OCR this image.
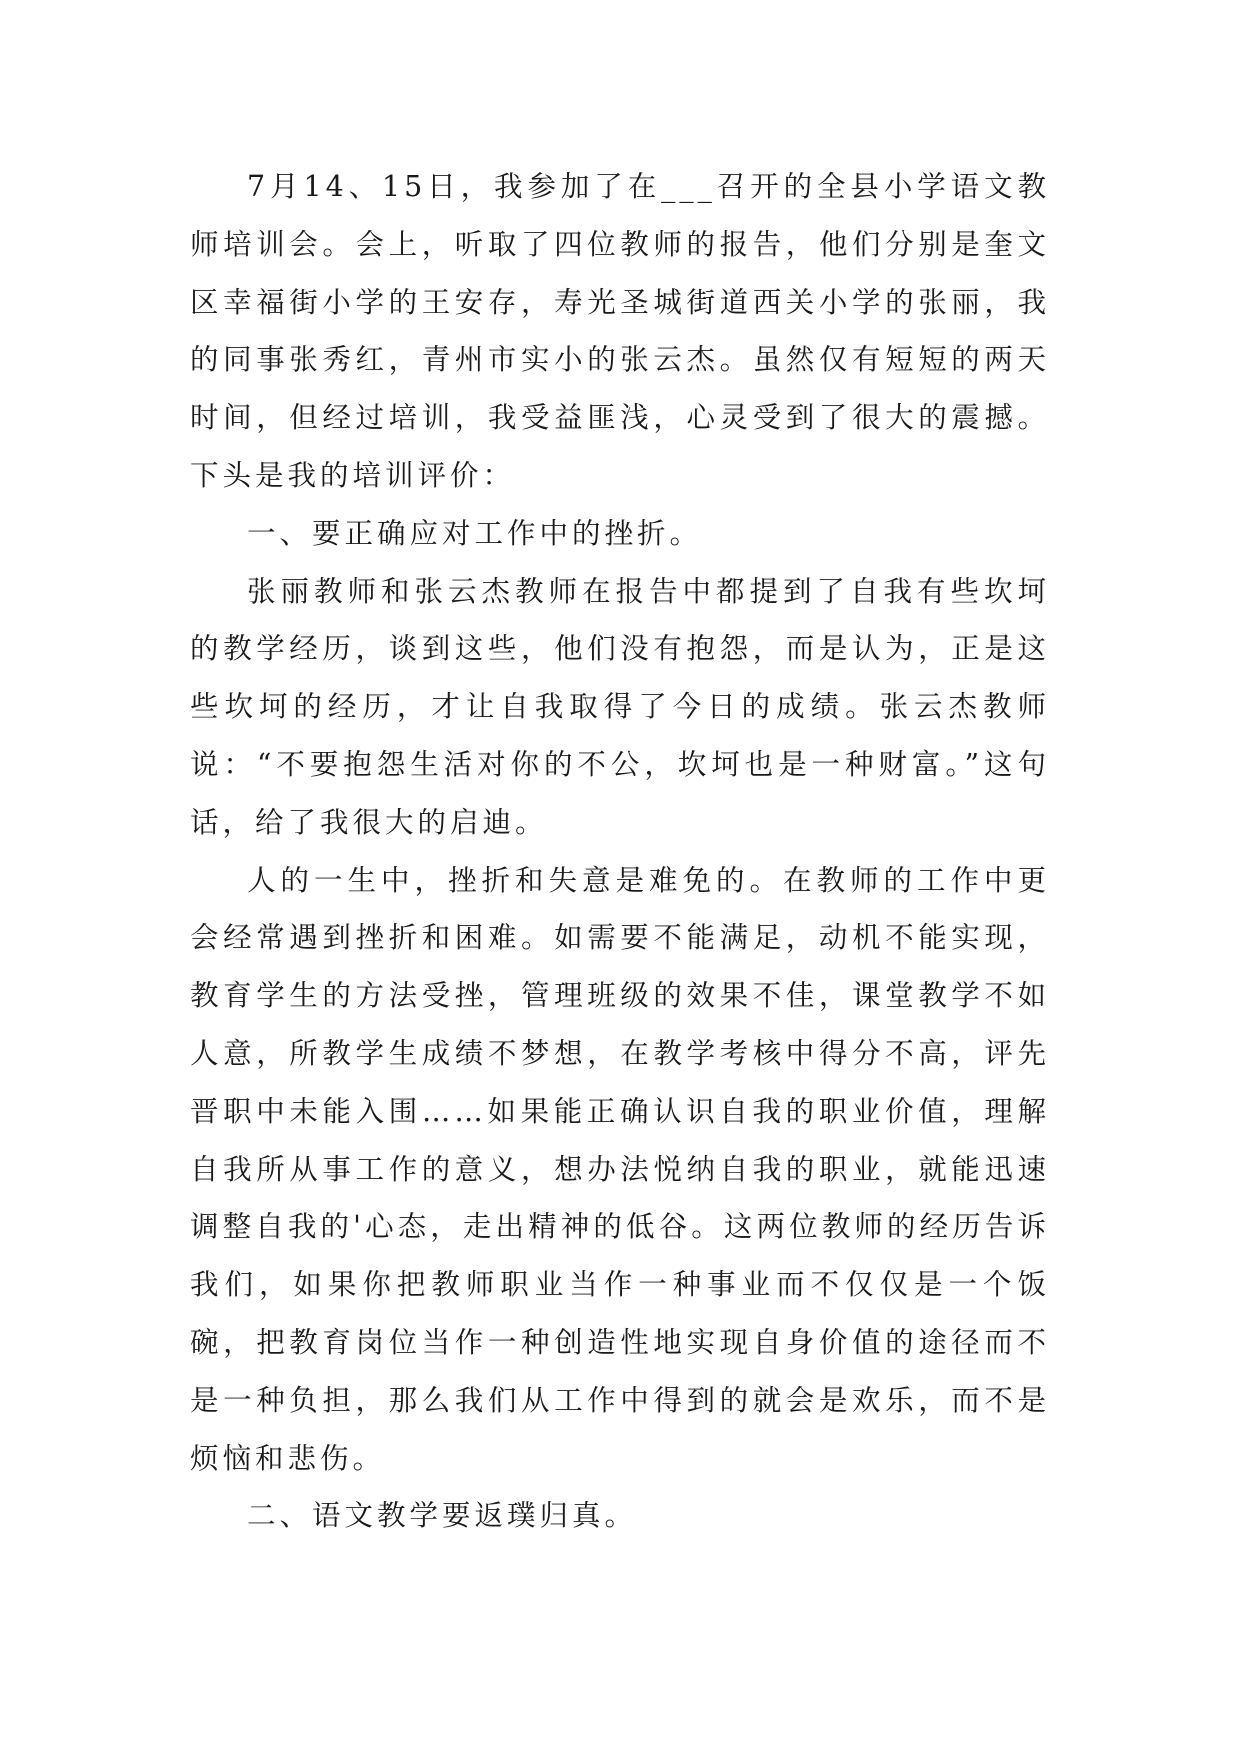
7月14、15日，我参加了在___召开的全县小学语文教师培训会。会上，听取了四位教师的报告，他们分别是奎文区幸福街小学的王安存，寿光圣城街道西关小学的张丽，我的同事张秀红，青州市实小的张云杰。虽然仅有短短的两天时间，但经过培训，我受益匪浅，心灵受到了很大的震撼。下头是我的培训评价：

一、要正确应对工作中的挫折。

张丽教师和张云杰教师在报告中都提到了自我有些坎坷的教学经历，谈到这些，他们没有抱怨，而是认为，正是这些坎坷的经历，才让自我取得了今日的成绩。张云杰教师说：“不要抱怨生活对你的不公，坎坷也是一种财富。”这句话，给了我很大的启迪。

人的一生中，挫折和失意是难免的。在教师的工作中更会经常遇到挫折和困难。如需要不能满足，动机不能实现，教育学生的方法受挫，管理班级的效果不佳，课堂教学不如人意，所教学生成绩不梦想，在教学考核中得分不高，评先晋职中未能入围……如果能正确认识自我的职业价值，理解自我所从事工作的意义，想办法悦纳自我的职业，就能迅速调整自我的'心态，走出精神的低谷。这两位教师的经历告诉我们，如果你把教师职业当作一种事业而不仅仅是一个饭碗，把教育岗位当作一种创造性地实现自身价值的途径而不是一种负担，那么我们从工作中得到的就会是欢乐，而不是烦恼和悲伤。

二、语文教学要返璞归真。
